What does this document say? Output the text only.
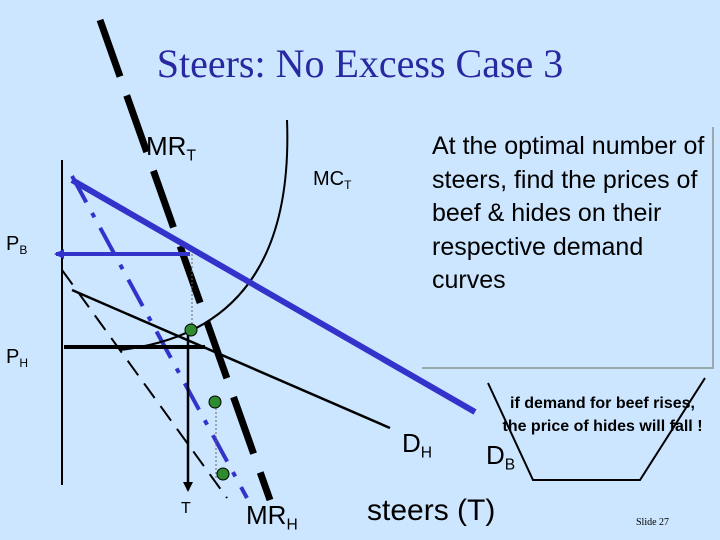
Steers: No Excess Case 3
$MR_T$
$MC_T$
$P_B$
$P_H$
$D_H$ $D_B$
$MR_H$
T	steers (T)
At the optimal number of steers, find the prices of beef & hides on their respective demand curves
if demand for beef rises, the price of hides will fall !
Slide 27
